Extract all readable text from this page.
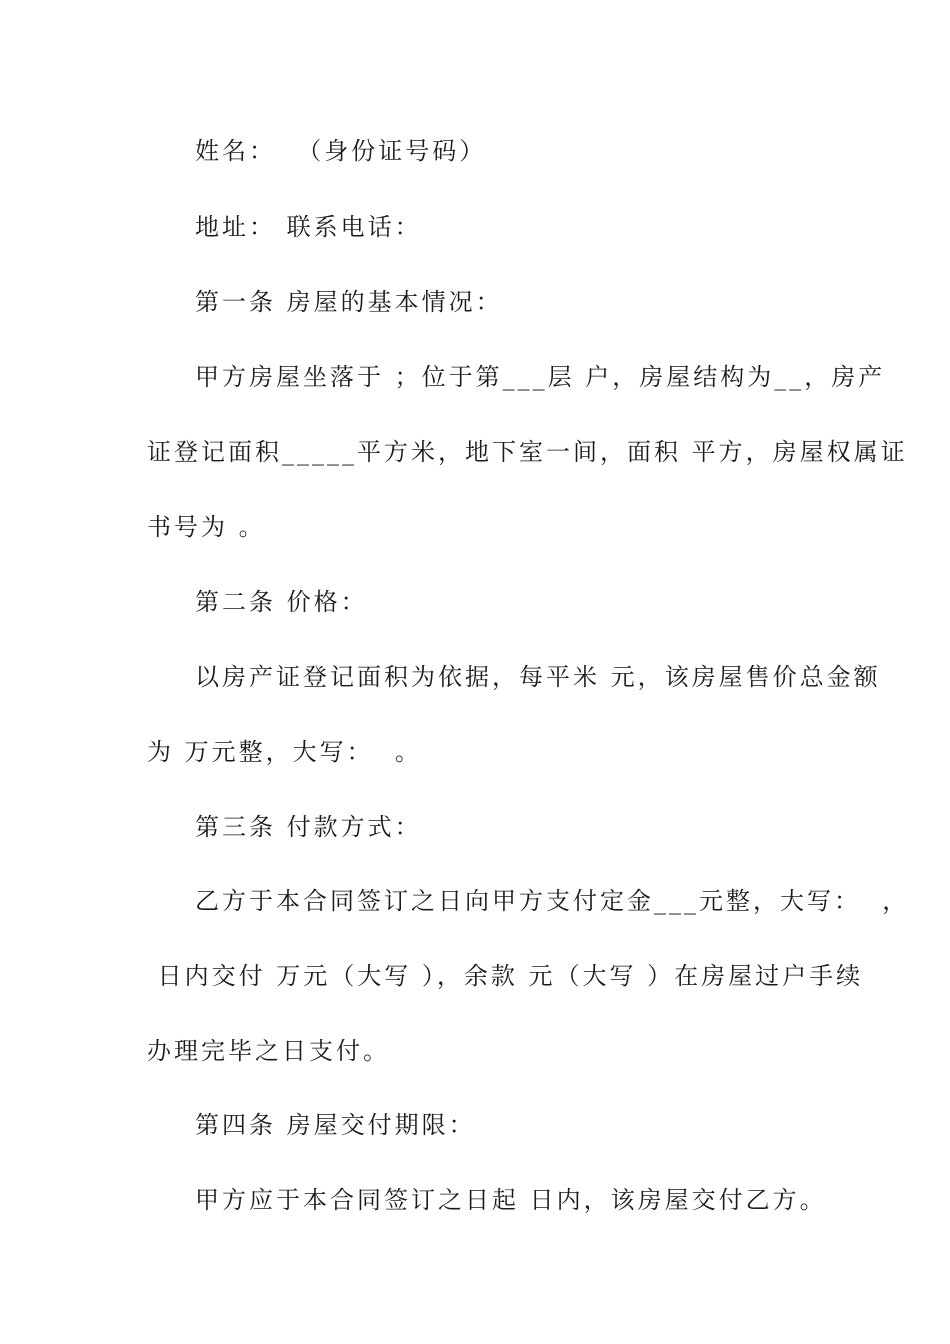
姓名：  （身份证号码）
地址： 联系电话：
第一条 房屋的基本情况：
甲方房屋坐落于 ；位于第___层 户，房屋结构为__，房产
证登记面积_____平方米，地下室一间，面积 平方，房屋权属证
书号为 。
第二条 价格：
以房产证登记面积为依据，每平米 元，该房屋售价总金额
为 万元整，大写：  。
第三条 付款方式：
乙方于本合同签订之日向甲方支付定金___元整，大写：  ，
日内交付 万元（大写 ），余款 元（大写 ）在房屋过户手续
办理完毕之日支付。
第四条 房屋交付期限：
甲方应于本合同签订之日起 日内，该房屋交付乙方。
